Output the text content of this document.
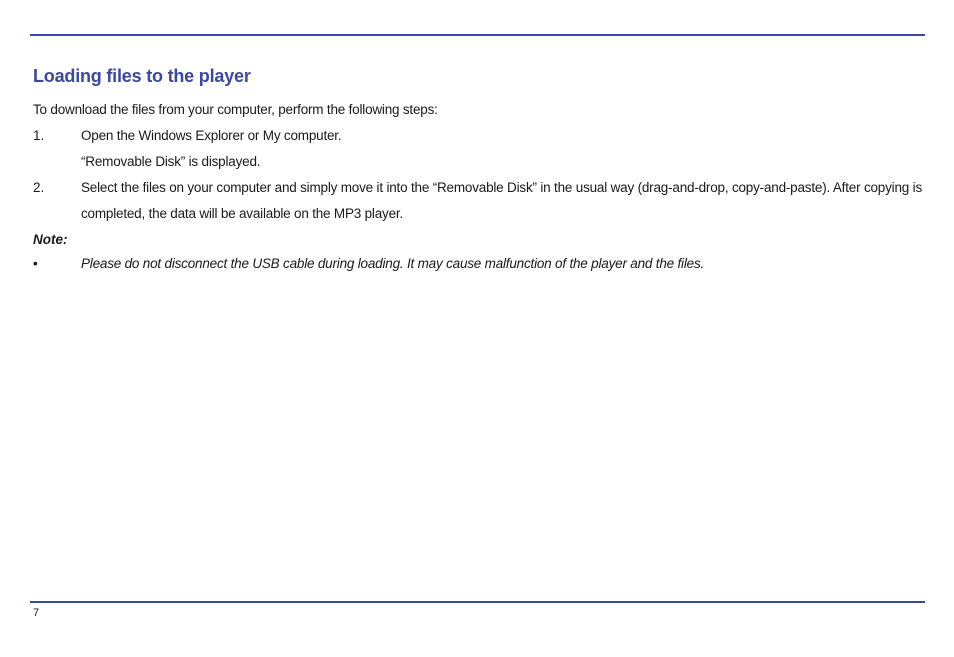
Loading files to the player
To download the files from your computer, perform the following steps:
1.	Open the Windows Explorer or My computer.
“Removable Disk” is displayed.
2.	Select the files on your computer and simply move it into the “Removable Disk” in the usual way (drag-and-drop, copy-and-paste). After copying is completed, the data will be available on the MP3 player.
Note:
•	Please do not disconnect the USB cable during loading. It may cause malfunction of the player and the files.
7
